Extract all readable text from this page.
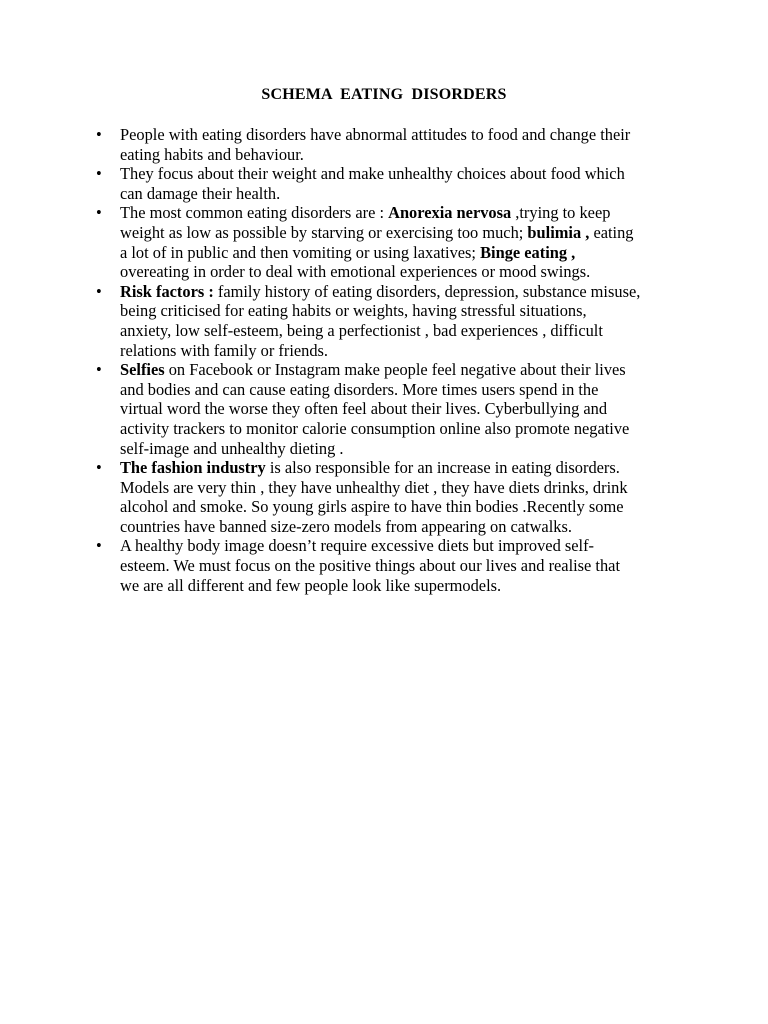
SCHEMA EATING DISORDERS
•	People with eating disorders have abnormal attitudes to food and change their
eating habits and behaviour.
•	They focus about their weight and make unhealthy choices about food which
can damage their health.
•	The most common eating disorders are : Anorexia nervosa ,trying to keep
weight as low as possible by starving or exercising too much; bulimia , eating
a lot of in public and then vomiting or using laxatives; Binge eating ,
overeating in order to deal with emotional experiences or mood swings.
•	Risk factors : family history of eating disorders, depression, substance misuse,
being criticised for eating habits or weights, having stressful situations,
anxiety, low self-esteem, being a perfectionist , bad experiences , difficult
relations with family or friends.
•	Selfies on Facebook or Instagram make people feel negative about their lives
and bodies and can cause eating disorders. More times users spend in the
virtual word the worse they often feel about their lives. Cyberbullying and
activity trackers to monitor calorie consumption online also promote negative
self-image and unhealthy dieting .
•	The fashion industry is also responsible for an increase in eating disorders.
Models are very thin , they have unhealthy diet , they have diets drinks, drink
alcohol and smoke. So young girls aspire to have thin bodies .Recently some
countries have banned size-zero models from appearing on catwalks.
•	A healthy body image doesn’t require excessive diets but improved self-
esteem. We must focus on the positive things about our lives and realise that
we are all different and few people look like supermodels.
